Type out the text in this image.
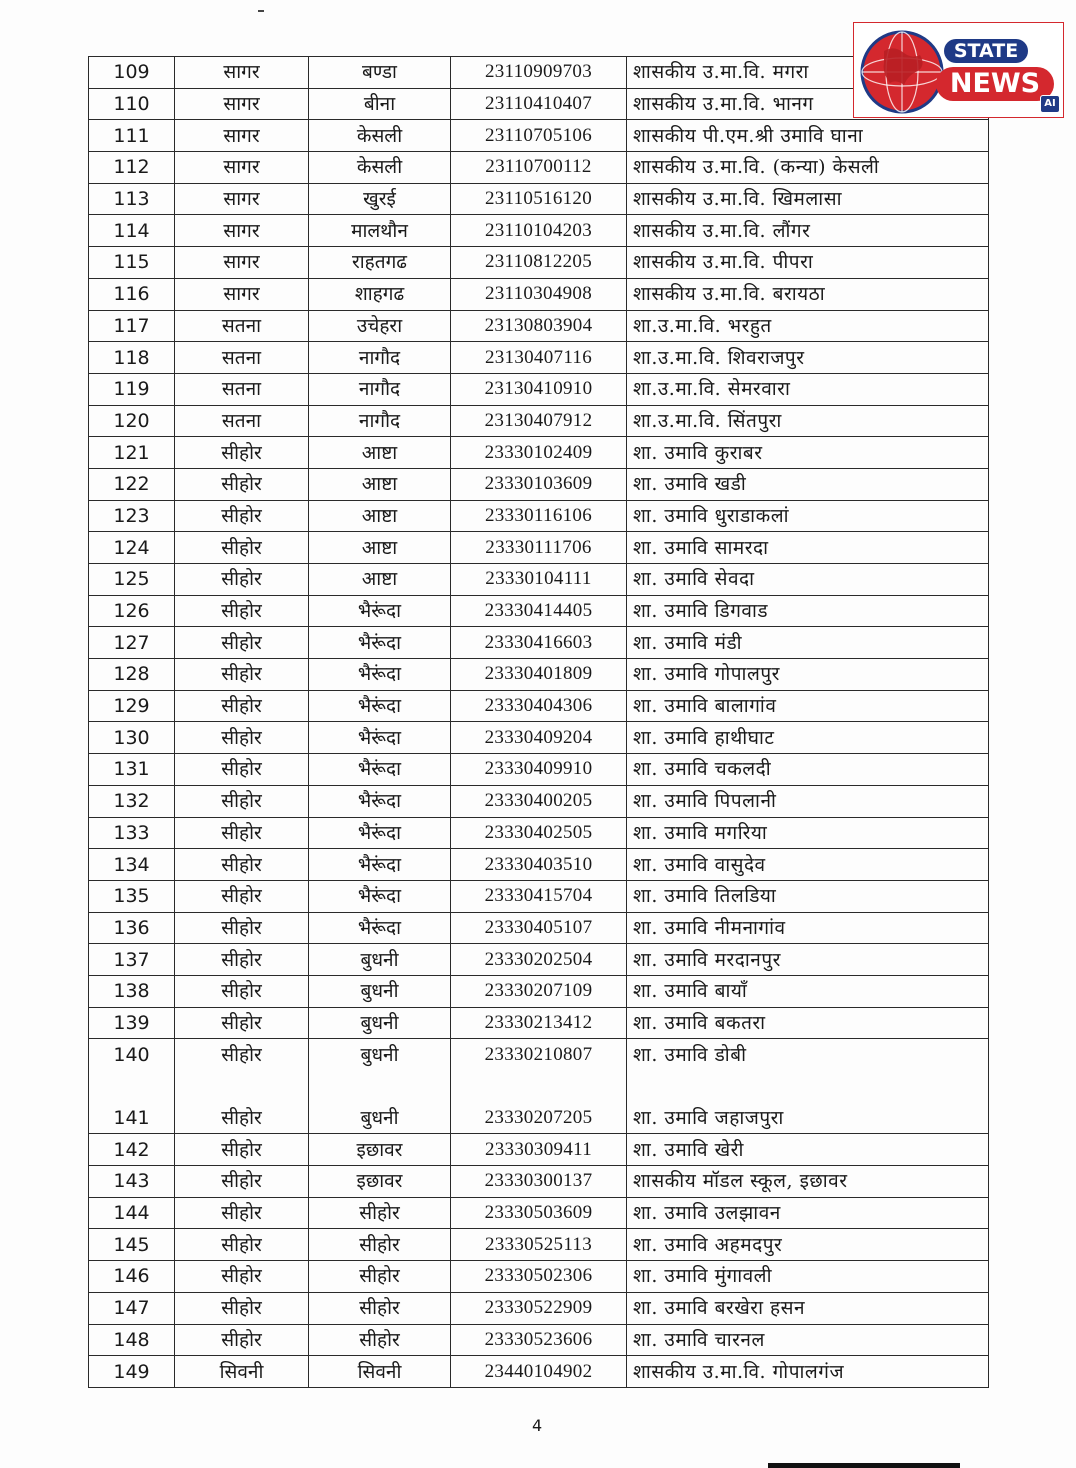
109	सागर	बण्डा	23110909703	शासकीय उ.मा.वि. मगरा
110	सागर	बीना	23110410407	शासकीय उ.मा.वि. भानग
111	सागर	केसली	23110705106	शासकीय पी.एम.श्री उमावि घाना
112	सागर	केसली	23110700112	शासकीय उ.मा.वि. (कन्या) केसली
113	सागर	खुरई	23110516120	शासकीय उ.मा.वि. खिमलासा
114	सागर	मालथौन	23110104203	शासकीय उ.मा.वि. लौंगर
115	सागर	राहतगढ	23110812205	शासकीय उ.मा.वि. पीपरा
116	सागर	शाहगढ	23110304908	शासकीय उ.मा.वि. बरायठा
117	सतना	उचेहरा	23130803904	शा.उ.मा.वि. भरहुत
118	सतना	नागौद	23130407116	शा.उ.मा.वि. शिवराजपुर
119	सतना	नागौद	23130410910	शा.उ.मा.वि. सेमरवारा
120	सतना	नागौद	23130407912	शा.उ.मा.वि. सिंतपुरा
121	सीहोर	आष्टा	23330102409	शा. उमावि कुराबर
122	सीहोर	आष्टा	23330103609	शा. उमावि खडी
123	सीहोर	आष्टा	23330116106	शा. उमावि धुराडाकलां
124	सीहोर	आष्टा	23330111706	शा. उमावि सामरदा
125	सीहोर	आष्टा	23330104111	शा. उमावि सेवदा
126	सीहोर	भैरूंदा	23330414405	शा. उमावि डिगवाड
127	सीहोर	भैरूंदा	23330416603	शा. उमावि मंडी
128	सीहोर	भैरूंदा	23330401809	शा. उमावि गोपालपुर
129	सीहोर	भैरूंदा	23330404306	शा. उमावि बालागांव
130	सीहोर	भैरूंदा	23330409204	शा. उमावि हाथीघाट
131	सीहोर	भैरूंदा	23330409910	शा. उमावि चकलदी
132	सीहोर	भैरूंदा	23330400205	शा. उमावि पिपलानी
133	सीहोर	भैरूंदा	23330402505	शा. उमावि मगरिया
134	सीहोर	भैरूंदा	23330403510	शा. उमावि वासुदेव
135	सीहोर	भैरूंदा	23330415704	शा. उमावि तिलडिया
136	सीहोर	भैरूंदा	23330405107	शा. उमावि नीमनागांव
137	सीहोर	बुधनी	23330202504	शा. उमावि मरदानपुर
138	सीहोर	बुधनी	23330207109	शा. उमावि बायाँ
139	सीहोर	बुधनी	23330213412	शा. उमावि बकतरा
140	सीहोर	बुधनी	23330210807	शा. उमावि डोबी

141	सीहोर	बुधनी	23330207205	शा. उमावि जहाजपुरा
142	सीहोर	इछावर	23330309411	शा. उमावि खेरी
143	सीहोर	इछावर	23330300137	शासकीय मॉडल स्कूल, इछावर
144	सीहोर	सीहोर	23330503609	शा. उमावि उलझावन
145	सीहोर	सीहोर	23330525113	शा. उमावि अहमदपुर
146	सीहोर	सीहोर	23330502306	शा. उमावि मुंगावली
147	सीहोर	सीहोर	23330522909	शा. उमावि बरखेरा हसन
148	सीहोर	सीहोर	23330523606	शा. उमावि चारनल
149	सिवनी	सिवनी	23440104902	शासकीय उ.मा.वि. गोपालगंज
4
STATE
NEWS
AI
